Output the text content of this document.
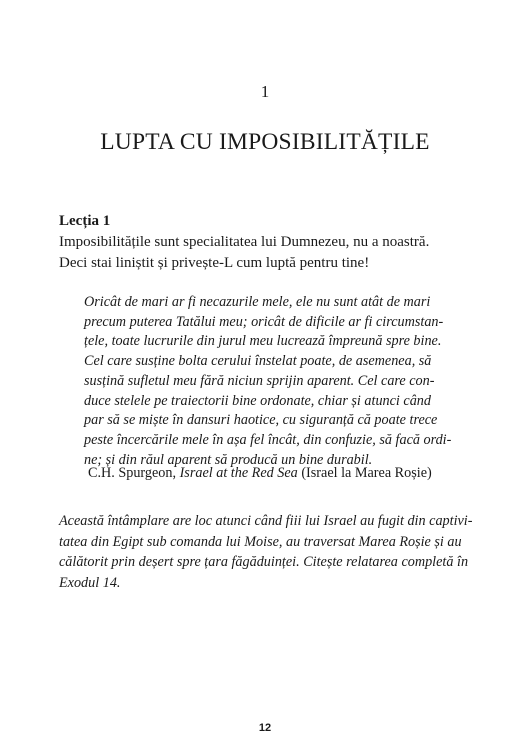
1
LUPTA CU IMPOSIBILITĂȚILE
Lecția 1
Imposibilitățile sunt specialitatea lui Dumnezeu, nu a noastră.
Deci stai liniștit și privește-L cum luptă pentru tine!
Oricât de mari ar fi necazurile mele, ele nu sunt atât de mari
precum puterea Tatălui meu; oricât de dificile ar fi circumstan-
țele, toate lucrurile din jurul meu lucrează împreună spre bine.
Cel care susține bolta cerului înstelat poate, de asemenea, să
susțină sufletul meu fără niciun sprijin aparent. Cel care con-
duce stelele pe traiectorii bine ordonate, chiar și atunci când
par să se miște în dansuri haotice, cu siguranță că poate trece
peste încercările mele în așa fel încât, din confuzie, să facă ordi-
ne; și din răul aparent să producă un bine durabil.
C.H. Spurgeon, Israel at the Red Sea (Israel la Marea Roșie)
Această întâmplare are loc atunci când fiii lui Israel au fugit din captivi-
tatea din Egipt sub comanda lui Moise, au traversat Marea Roșie și au
călătorit prin deșert spre țara făgăduinței. Citește relatarea completă în
Exodul 14.
12
